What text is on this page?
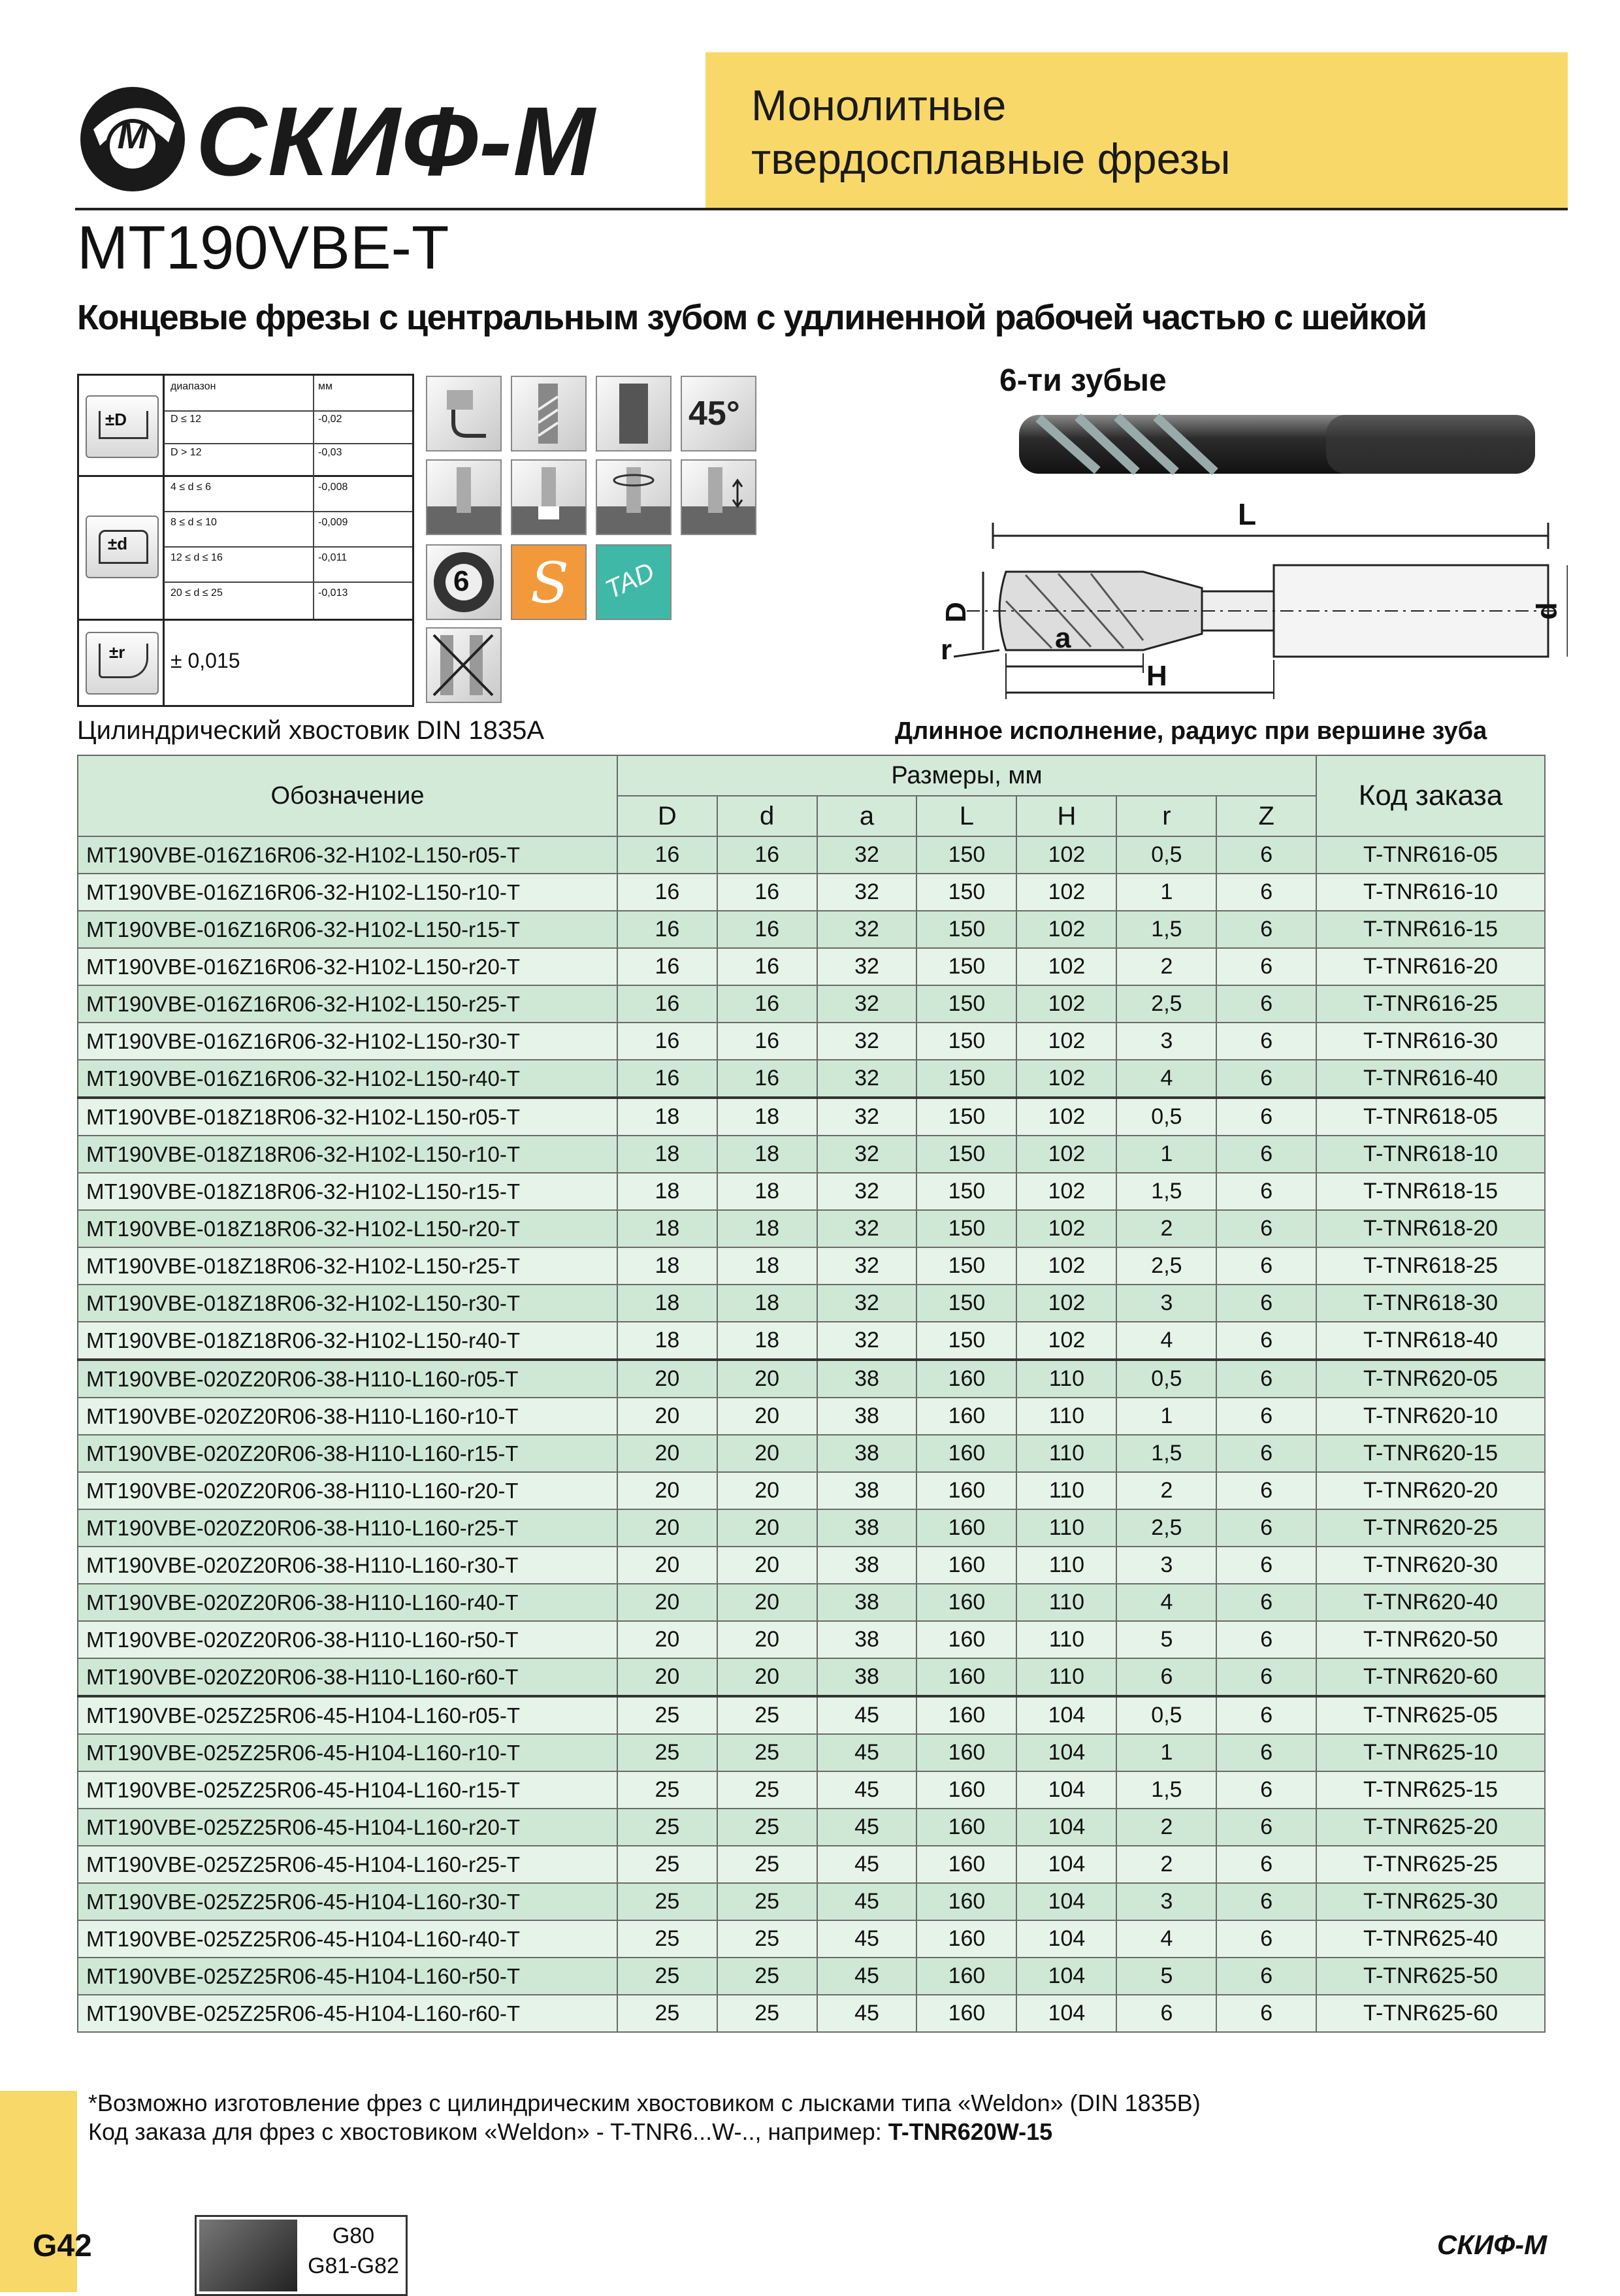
М СКИФ-М	Монолитные
твердосплавные фрезы
MT190VBE-T
Концевые фрезы с центральным зубом с удлиненной рабочей частью с шейкой
диапазон	мм
D ≤ 12	-0,02
D > 12	-0,03
4 ≤ d ≤ 6	-0,008
8 ≤ d ≤ 10	-0,009
12 ≤ d ≤ 16	-0,011
20 ≤ d ≤ 25	-0,013
± 0,015
±D
±d
±r
45°
6 S TAD
6-ти зубые
L
D	d
a
H
r
Цилиндрический хвостовик DIN 1835A	Длинное исполнение, радиус при вершине зуба
Обозначение	Размеры, мм							Код заказа
	D	d	a	L	H	r	Z	
MT190VBE-016Z16R06-32-H102-L150-r05-T	16	16	32	150	102	0,5	6	T-TNR616-05
MT190VBE-016Z16R06-32-H102-L150-r10-T	16	16	32	150	102	1	6	T-TNR616-10
MT190VBE-016Z16R06-32-H102-L150-r15-T	16	16	32	150	102	1,5	6	T-TNR616-15
MT190VBE-016Z16R06-32-H102-L150-r20-T	16	16	32	150	102	2	6	T-TNR616-20
MT190VBE-016Z16R06-32-H102-L150-r25-T	16	16	32	150	102	2,5	6	T-TNR616-25
MT190VBE-016Z16R06-32-H102-L150-r30-T	16	16	32	150	102	3	6	T-TNR616-30
MT190VBE-016Z16R06-32-H102-L150-r40-T	16	16	32	150	102	4	6	T-TNR616-40
MT190VBE-018Z18R06-32-H102-L150-r05-T	18	18	32	150	102	0,5	6	T-TNR618-05
MT190VBE-018Z18R06-32-H102-L150-r10-T	18	18	32	150	102	1	6	T-TNR618-10
MT190VBE-018Z18R06-32-H102-L150-r15-T	18	18	32	150	102	1,5	6	T-TNR618-15
MT190VBE-018Z18R06-32-H102-L150-r20-T	18	18	32	150	102	2	6	T-TNR618-20
MT190VBE-018Z18R06-32-H102-L150-r25-T	18	18	32	150	102	2,5	6	T-TNR618-25
MT190VBE-018Z18R06-32-H102-L150-r30-T	18	18	32	150	102	3	6	T-TNR618-30
MT190VBE-018Z18R06-32-H102-L150-r40-T	18	18	32	150	102	4	6	T-TNR618-40
MT190VBE-020Z20R06-38-H110-L160-r05-T	20	20	38	160	110	0,5	6	T-TNR620-05
MT190VBE-020Z20R06-38-H110-L160-r10-T	20	20	38	160	110	1	6	T-TNR620-10
MT190VBE-020Z20R06-38-H110-L160-r15-T	20	20	38	160	110	1,5	6	T-TNR620-15
MT190VBE-020Z20R06-38-H110-L160-r20-T	20	20	38	160	110	2	6	T-TNR620-20
MT190VBE-020Z20R06-38-H110-L160-r25-T	20	20	38	160	110	2,5	6	T-TNR620-25
MT190VBE-020Z20R06-38-H110-L160-r30-T	20	20	38	160	110	3	6	T-TNR620-30
MT190VBE-020Z20R06-38-H110-L160-r40-T	20	20	38	160	110	4	6	T-TNR620-40
MT190VBE-020Z20R06-38-H110-L160-r50-T	20	20	38	160	110	5	6	T-TNR620-50
MT190VBE-020Z20R06-38-H110-L160-r60-T	20	20	38	160	110	6	6	T-TNR620-60
MT190VBE-025Z25R06-45-H104-L160-r05-T	25	25	45	160	104	0,5	6	T-TNR625-05
MT190VBE-025Z25R06-45-H104-L160-r10-T	25	25	45	160	104	1	6	T-TNR625-10
MT190VBE-025Z25R06-45-H104-L160-r15-T	25	25	45	160	104	1,5	6	T-TNR625-15
MT190VBE-025Z25R06-45-H104-L160-r20-T	25	25	45	160	104	2	6	T-TNR625-20
MT190VBE-025Z25R06-45-H104-L160-r25-T	25	25	45	160	104	2	6	T-TNR625-25
MT190VBE-025Z25R06-45-H104-L160-r30-T	25	25	45	160	104	3	6	T-TNR625-30
MT190VBE-025Z25R06-45-H104-L160-r40-T	25	25	45	160	104	4	6	T-TNR625-40
MT190VBE-025Z25R06-45-H104-L160-r50-T	25	25	45	160	104	5	6	T-TNR625-50
MT190VBE-025Z25R06-45-H104-L160-r60-T	25	25	45	160	104	6	6	T-TNR625-60
*Возможно изготовление фрез с цилиндрическим хвостовиком с лысками типа «Weldon» (DIN 1835B)
Код заказа для фрез с хвостовиком «Weldon» - T-TNR6...W-.., например: T-TNR620W-15
G42	G80
G81-G82
СКИФ-М
